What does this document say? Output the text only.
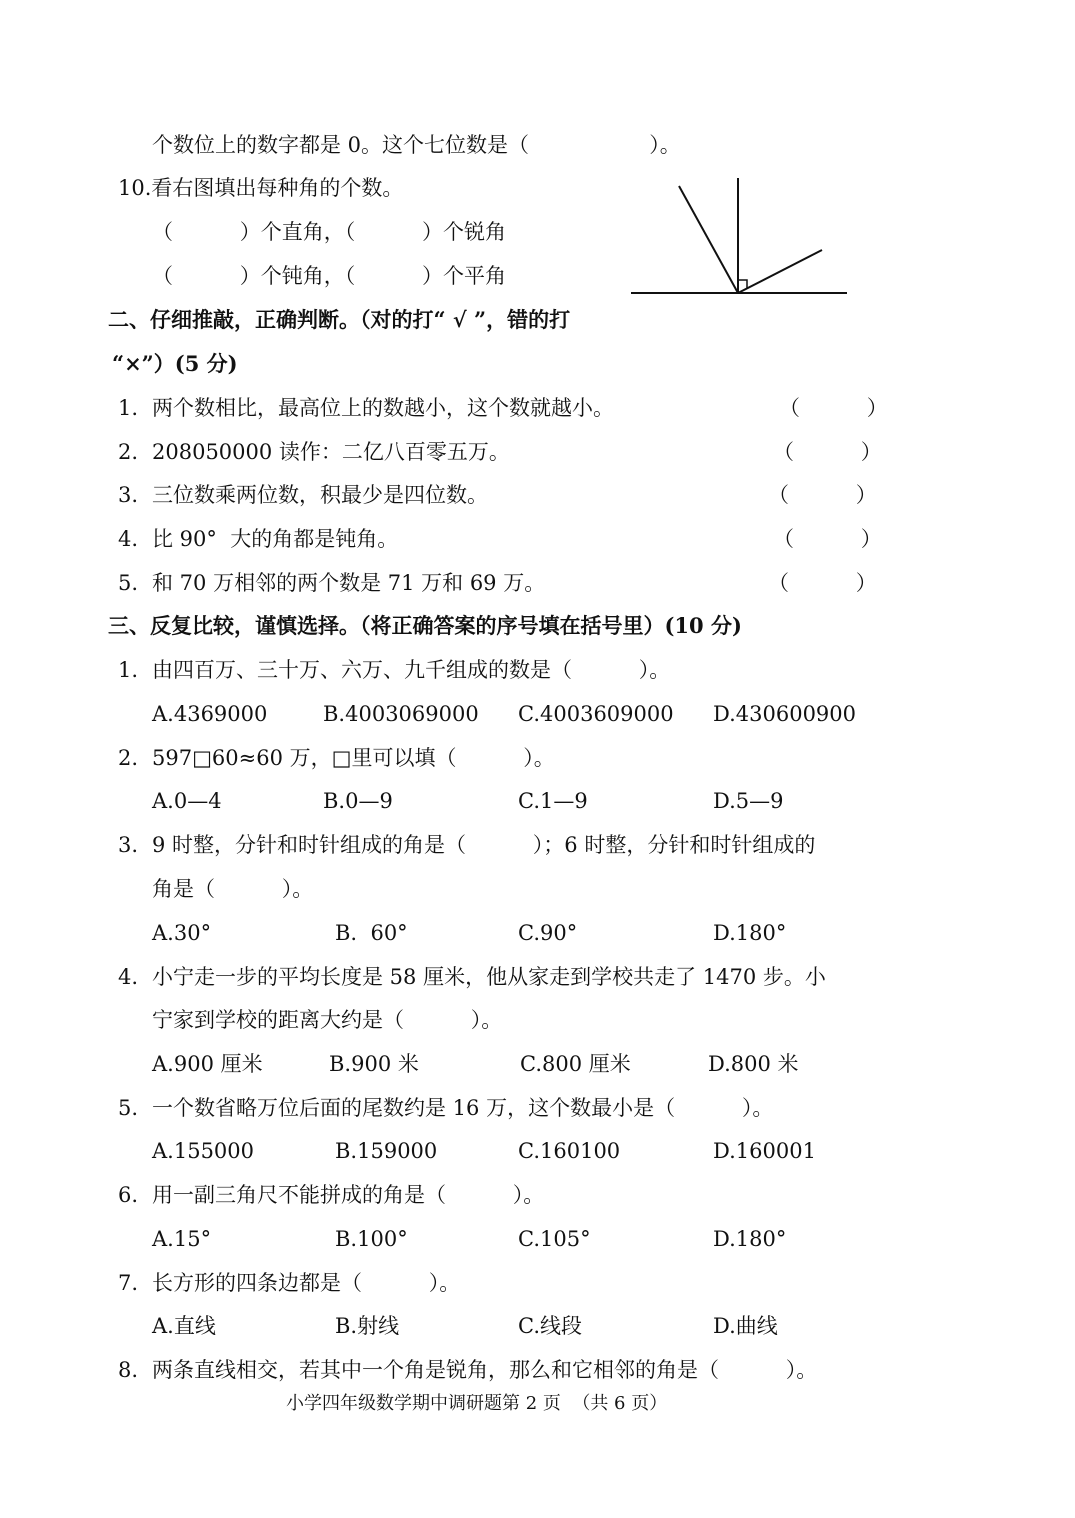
个数位上的数字都是 0。这个七位数是（                  ）。
10.看右图填出每种角的个数。
（          ）个直角，（          ）个锐角
（          ）个钝角，（          ）个平角
二、仔细推敲，正确判断。（对的打“ √ ”，错的打
“×”）(5 分)
1. 两个数相比，最高位上的数越小，这个数就越小。	（          ）
2. 208050000 读作：二亿八百零五万。	（          ）
3. 三位数乘两位数，积最少是四位数。	（          ）
4. 比 90°  大的角都是钝角。	（          ）
5. 和 70 万相邻的两个数是 71 万和 69 万。	（          ）
三、反复比较，谨慎选择。（将正确答案的序号填在括号里）(10 分)
1. 由四百万、三十万、六万、九千组成的数是（          ）。
A.4369000	B.4003069000 C.4003609000 D.430600900
2. 597□60≈60 万，□里可以填（          ）。
A.0—4	B.0—9	C.1—9	D.5—9
3. 9 时整，分针和时针组成的角是（          ）；6 时整，分针和时针组成的
角是（          ）。
A.30°	B.  60°	C.90°	D.180°
4. 小宁走一步的平均长度是 58 厘米，他从家走到学校共走了 1470 步。小
宁家到学校的距离大约是（          ）。
A.900 厘米	B.900 米	C.800 厘米	D.800 米
5. 一个数省略万位后面的尾数约是 16 万，这个数最小是（          ）。
A.155000	B.159000	C.160100	D.160001
6. 用一副三角尺不能拼成的角是（          ）。
A.15°	B.100°	C.105°	D.180°
7. 长方形的四条边都是（          ）。
A.直线	B.射线	C.线段	D.曲线
8. 两条直线相交，若其中一个角是锐角，那么和它相邻的角是（          ）。
小学四年级数学期中调研题第 2 页  （共 6 页）
